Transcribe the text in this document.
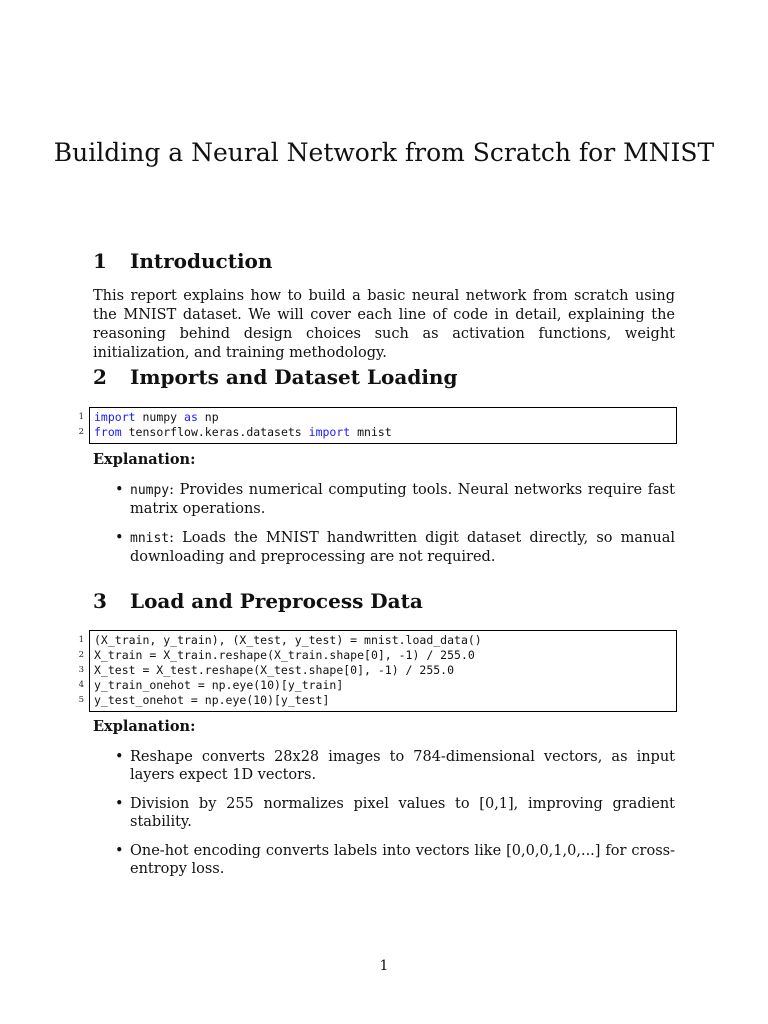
Building a Neural Network from Scratch for MNIST
1	Introduction

This report explains how to build a basic neural network from scratch using the MNIST dataset. We will cover each line of code in detail, explaining the reasoning behind design choices such as activation functions, weight initialization, and training methodology.

2	Imports and Dataset Loading
1 import numpy as np
2 from tensorflow.keras.datasets import mnist

Explanation:

• numpy: Provides numerical computing tools. Neural networks require fast matrix operations.
• mnist: Loads the MNIST handwritten digit dataset directly, so manual downloading and preprocessing are not required.
3	Load and Preprocess Data
1 (X_train, y_train), (X_test, y_test) = mnist.load_data()
2 X_train = X_train.reshape(X_train.shape[0], -1) / 255.0
3 X_test = X_test.reshape(X_test.shape[0], -1) / 255.0
4 y_train_onehot = np.eye(10)[y_train]
5 y_test_onehot = np.eye(10)[y_test]

Explanation:

• Reshape converts 28x28 images to 784-dimensional vectors, as input layers expect 1D vectors.
• Division by 255 normalizes pixel values to [0,1], improving gradient stability.
• One-hot encoding converts labels into vectors like [0,0,0,1,0,...] for cross-entropy loss.
1
